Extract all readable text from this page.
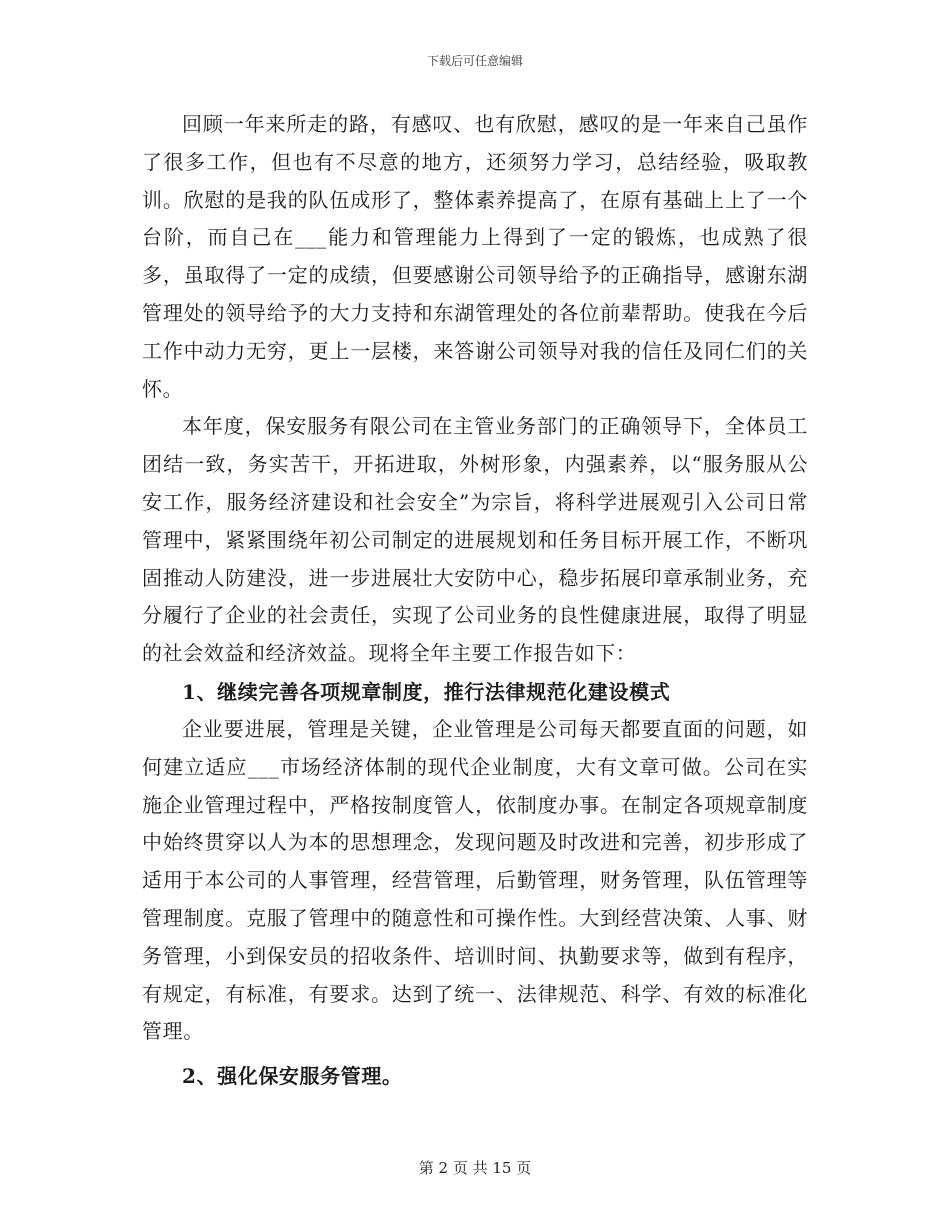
下载后可任意编辑

回顾一年来所走的路，有感叹、也有欣慰，感叹的是一年来自己虽作了很多工作，但也有不尽意的地方，还须努力学习，总结经验，吸取教训。欣慰的是我的队伍成形了，整体素养提高了，在原有基础上上了一个台阶，而自己在___能力和管理能力上得到了一定的锻炼，也成熟了很多，虽取得了一定的成绩，但要感谢公司领导给予的正确指导，感谢东湖管理处的领导给予的大力支持和东湖管理处的各位前辈帮助。使我在今后工作中动力无穷，更上一层楼，来答谢公司领导对我的信任及同仁们的关怀。

本年度，保安服务有限公司在主管业务部门的正确领导下，全体员工团结一致，务实苦干，开拓进取，外树形象，内强素养，以“服务服从公安工作，服务经济建设和社会安全”为宗旨，将科学进展观引入公司日常管理中，紧紧围绕年初公司制定的进展规划和任务目标开展工作，不断巩固推动人防建没，进一步进展壮大安防中心，稳步拓展印章承制业务，充分履行了企业的社会责任，实现了公司业务的良性健康进展，取得了明显的社会效益和经济效益。现将全年主要工作报告如下：

1、继续完善各项规章制度，推行法律规范化建设模式

企业要进展，管理是关键，企业管理是公司每天都要直面的问题，如何建立适应___市场经济体制的现代企业制度，大有文章可做。公司在实施企业管理过程中，严格按制度管人，依制度办事。在制定各项规章制度中始终贯穿以人为本的思想理念，发现问题及时改进和完善，初步形成了适用于本公司的人事管理，经营管理，后勤管理，财务管理，队伍管理等管理制度。克服了管理中的随意性和可操作性。大到经营决策、人事、财务管理，小到保安员的招收条件、培训时间、执勤要求等，做到有程序，有规定，有标准，有要求。达到了统一、法律规范、科学、有效的标准化管理。

2、强化保安服务管理。

第 2 页 共 15 页
